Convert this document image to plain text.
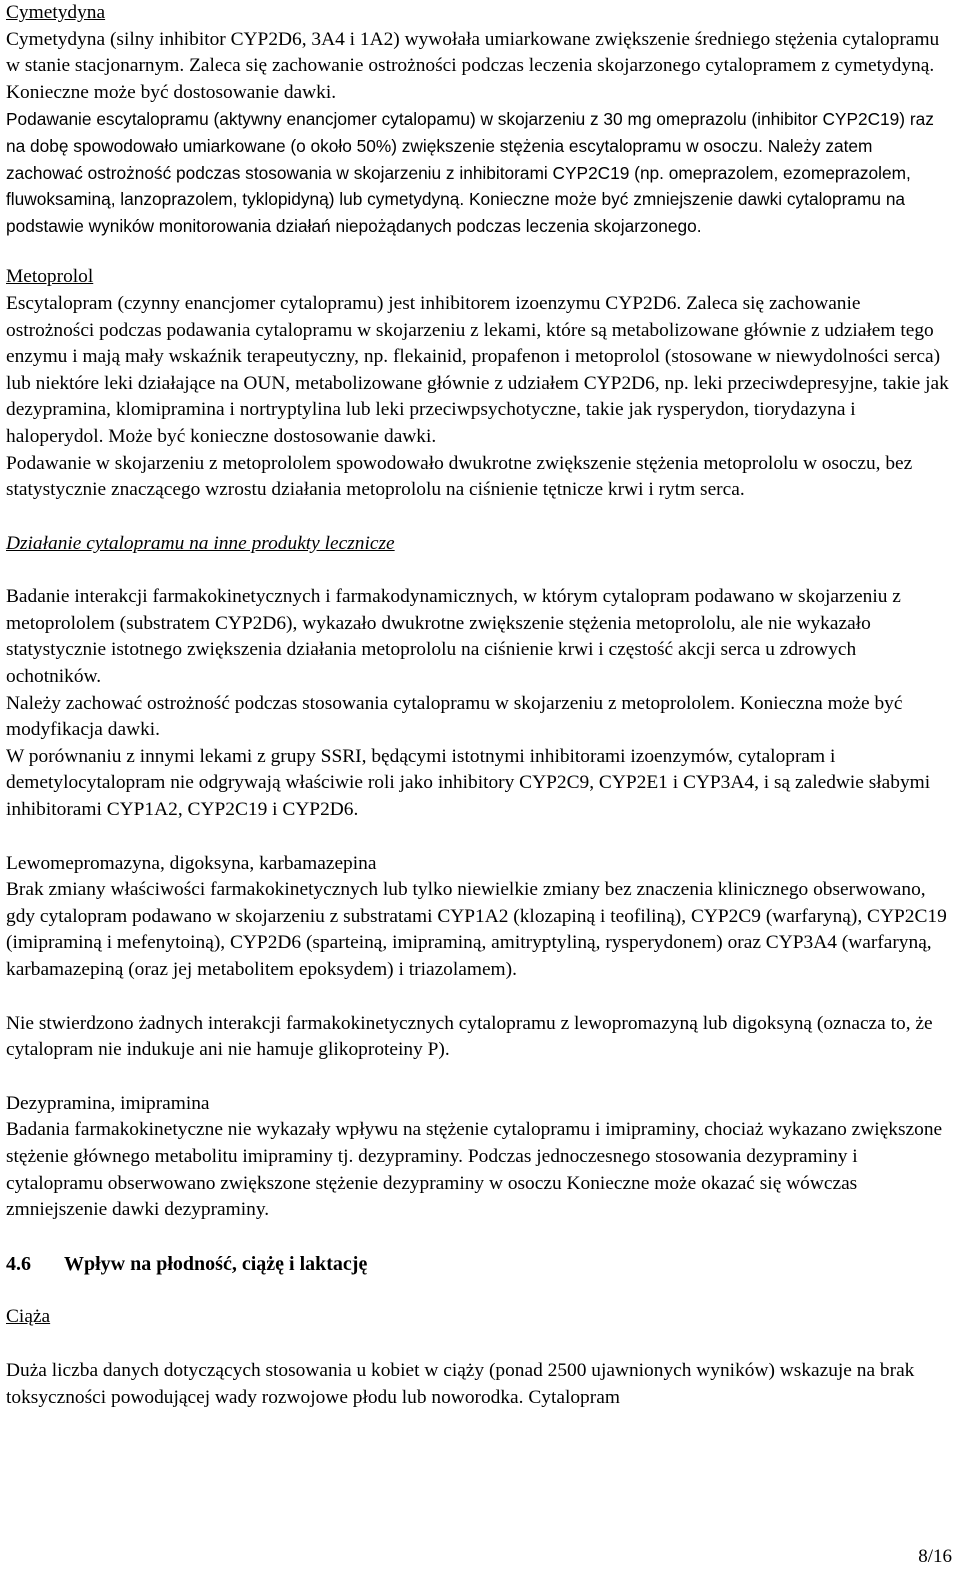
Cymetydyna

Cymetydyna (silny inhibitor CYP2D6, 3A4 i 1A2) wywołała umiarkowane zwiększenie średniego stężenia cytalopramu w stanie stacjonarnym. Zaleca się zachowanie ostrożności podczas leczenia skojarzonego cytalopramem z cymetydyną. Konieczne może być dostosowanie dawki.

Podawanie escytalopramu (aktywny enancjomer cytalopamu) w skojarzeniu z 30 mg omeprazolu (inhibitor CYP2C19) raz na dobę spowodowało umiarkowane (o około 50%) zwiększenie stężenia escytalopramu w osoczu. Należy zatem zachować ostrożność podczas stosowania w skojarzeniu z inhibitorami CYP2C19 (np. omeprazolem, ezomeprazolem, fluwoksaminą, lanzoprazolem, tyklopidyną) lub cymetydyną. Konieczne może być zmniejszenie dawki cytalopramu na podstawie wyników monitorowania działań niepożądanych podczas leczenia skojarzonego.

Metoprolol

Escytalopram (czynny enancjomer cytalopramu) jest inhibitorem izoenzymu CYP2D6. Zaleca się zachowanie ostrożności podczas podawania cytalopramu w skojarzeniu z lekami, które są metabolizowane głównie z udziałem tego enzymu i mają mały wskaźnik terapeutyczny, np. flekainid, propafenon i metoprolol (stosowane w niewydolności serca) lub niektóre leki działające na OUN, metabolizowane głównie z udziałem CYP2D6, np. leki przeciwdepresyjne, takie jak dezypramina, klomipramina i nortryptylina lub leki przeciwpsychotyczne, takie jak rysperydon, tiorydazyna i haloperydol. Może być konieczne dostosowanie dawki.

Podawanie w skojarzeniu z metoprololem spowodowało dwukrotne zwiększenie stężenia metoprololu w osoczu, bez statystycznie znaczącego wzrostu działania metoprololu na ciśnienie tętnicze krwi i rytm serca.

Działanie cytalopramu na inne produkty lecznicze

Badanie interakcji farmakokinetycznych i farmakodynamicznych, w którym cytalopram podawano w skojarzeniu z metoprololem (substratem CYP2D6), wykazało dwukrotne zwiększenie stężenia metoprololu, ale nie wykazało statystycznie istotnego zwiększenia działania metoprololu na ciśnienie krwi i częstość akcji serca u zdrowych ochotników.

Należy zachować ostrożność podczas stosowania cytalopramu w skojarzeniu z metoprololem. Konieczna może być modyfikacja dawki.

W porównaniu z innymi lekami z grupy SSRI, będącymi istotnymi inhibitorami izoenzymów, cytalopram i demetylocytalopram nie odgrywają właściwie roli jako inhibitory CYP2C9, CYP2E1 i CYP3A4, i są zaledwie słabymi inhibitorami CYP1A2, CYP2C19 i CYP2D6.

Lewomepromazyna, digoksyna, karbamazepina

Brak zmiany właściwości farmakokinetycznych lub tylko niewielkie zmiany bez znaczenia klinicznego obserwowano, gdy cytalopram podawano w skojarzeniu z substratami CYP1A2 (klozapiną i teofiliną), CYP2C9 (warfaryną), CYP2C19 (imipraminą i mefenytoiną), CYP2D6 (sparteiną, imipraminą, amitryptyliną, rysperydonem) oraz CYP3A4 (warfaryną, karbamazepiną (oraz jej metabolitem epoksydem) i triazolamem).

Nie stwierdzono żadnych interakcji farmakokinetycznych cytalopramu z lewopromazyną lub digoksyną (oznacza to, że cytalopram nie indukuje ani nie hamuje glikoproteiny P).

Dezypramina, imipramina

Badania farmakokinetyczne nie wykazały wpływu na stężenie cytalopramu i imipraminy, chociaż wykazano zwiększone stężenie głównego metabolitu imipraminy tj. dezypraminy. Podczas jednoczesnego stosowania dezypraminy i cytalopramu obserwowano zwiększone stężenie dezypraminy w osoczu Konieczne może okazać się wówczas zmniejszenie dawki dezypraminy.

4.6 Wpływ na płodność, ciążę i laktację

Ciąża

Duża liczba danych dotyczących stosowania u kobiet w ciąży (ponad 2500 ujawnionych wyników) wskazuje na brak toksyczności powodującej wady rozwojowe płodu lub noworodka. Cytalopram

8/16
